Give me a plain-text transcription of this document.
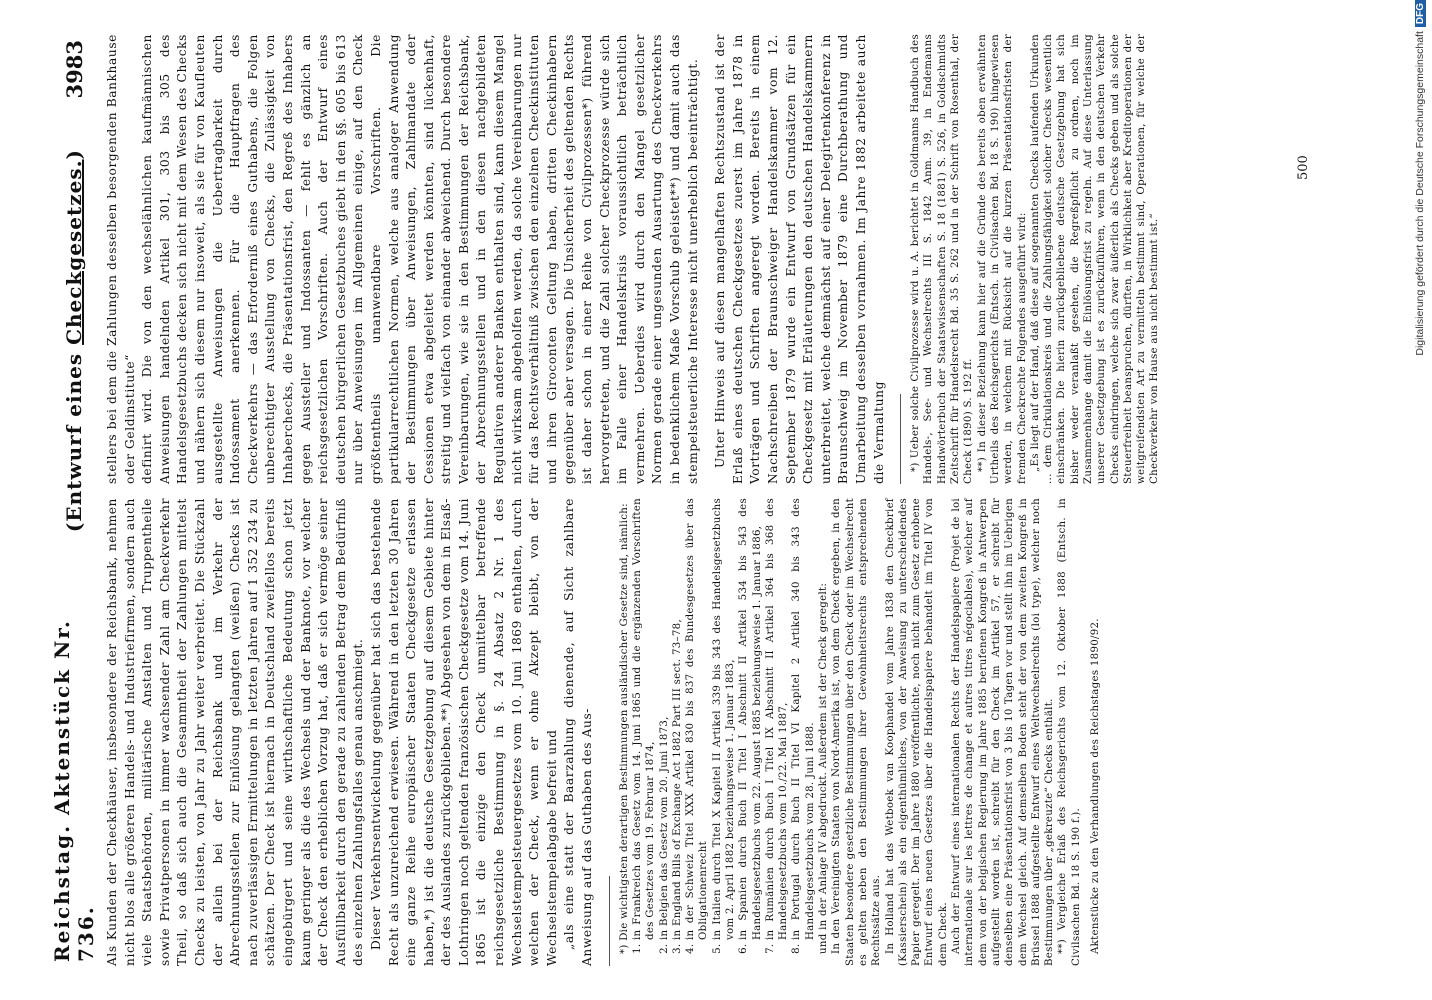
Reichstag. Aktenstück Nr. 736.
(Entwurf eines Checkgesetzes.)
3983

Als Kunden der Checkhäuser, insbesondere der Reichsbank, nehmen nicht blos alle größeren Handels- und Industriefirmen, sondern auch viele Staatsbehörden, militärische Anstalten und Truppentheile sowie Privatpersonen in immer wachsender Zahl am Checkverkehr Theil, so daß sich auch die Gesammtheit der Zahlungen mittelst Checks zu leisten, von Jahr zu Jahr weiter verbreitet. Die Stückzahl der allein bei der Reichsbank und im Verkehr der Abrechnungsstellen zur Einlösung gelangten (weißen) Checks ist nach zuverlässigen Ermittelungen in letzten Jahren auf 1 352 234 zu schätzen. Der Check ist hiernach in Deutschland zweifellos bereits eingebürgert und seine wirthschaftliche Bedeutung schon jetzt kaum geringer als die des Wechsels und der Banknote, vor welcher der Check den erheblichen Vorzug hat, daß er sich vermöge seiner Ausfüllbarkeit durch den gerade zu zahlenden Betrag dem Bedürfniß des einzelnen Zahlungsfalles genau anschmiegt. Dieser Verkehrsentwickelung gegenüber hat sich das bestehende Recht als unzureichend erwiesen. Während in den letzten 30 Jahren eine ganze Reihe europäischer Staaten Checkgesetze erlassen haben,*) ist die deutsche Gesetzgebung auf diesem Gebiete hinter der des Auslandes zurückgeblieben.**) Abgesehen von dem in Elsaß-Lothringen noch geltenden französischen Checkgesetze vom 14. Juni 1865 ist die einzige den Check unmittelbar betreffende reichsgesetzliche Bestimmung in §. 24 Absatz 2 Nr. 1 des Wechselstempelsteuergesetzes vom 10. Juni 1869 enthalten, durch welchen der Check, wenn er ohne Akzept bleibt, von der Wechselstempelabgabe befreit und „als eine statt der Baarzahlung dienende, auf Sicht zahlbare Anweisung auf das Guthaben des Aus- *) Die wichtigsten derartigen Bestimmungen ausländischer Gesetze sind, nämlich: 1. in Frankreich das Gesetz vom 14. Juni 1865 und die ergänzenden Vorschriften des Gesetzes vom 19. Februar 1874, 2. in Belgien das Gesetz vom 20. Juni 1873, 3. in England Bills of Exchange Act 1882 Part III sect. 73–78, 4. in der Schweiz Titel XXX Artikel 830 bis 837 des Bundesgesetzes über das Obligationenrecht 5. in Italien durch Titel X Kapitel II Artikel 339 bis 343 des Handelsgesetzbuchs vom 2. April 1882 beziehungsweise 1. Januar 1883, 6. in Spanien durch Buch II Titel I Abschnitt II Artikel 534 bis 543 des Handelsgesetzbuchs vom 22. August 1885 beziehungsweise 1. Januar 1886, 7. in Rumänien durch Buch I Titel IX Abschnitt II Artikel 364 bis 368 des Handelsgesetzbuchs vom 10./22. Mai 1887, 8. in Portugal durch Buch II Titel VI Kapitel 2 Artikel 340 bis 343 des Handelsgesetzbuchs vom 28. Juni 1888. und in der Anlage IV abgedruckt. Außerdem ist der Check geregelt: In den Vereinigten Staaten von Nord-Amerika ist, von dem Check ergeben, in den Staaten besondere gesetzliche Bestimmungen über den Check oder im Wechselrecht es gelten neben den Bestimmungen ihrer Gewohnheitsrechts entsprechenden Rechtssätze aus. In Holland hat das Wetboek van Koophandel vom Jahre 1838 den Checkbrief (Kassierschein) als ein eigenthümliches, von der Anweisung zu unterscheidendes Papier geregelt. Der im Jahre 1880 veröffentlichte, noch nicht zum Gesetz erhobene Entwurf eines neuen Gesetzes über die Handelspapiere behandelt im Titel IV von dem Check. Auch der Entwurf eines internationalen Rechts der Handelspapiere (Projet de loi internationale sur les lettres de change et autres titres négociables), welcher auf dem von der belgischen Regierung im Jahre 1885 berufenen Kongreß in Antwerpen aufgestellt worden ist, schreibt für den Check im Artikel 57, er schreibt für denselben eine Präsentationsfrist von 3 bis 10 Tagen vor und stellt ihn im Uebrigen dem Wechsel gleich. Auf demselben Boden steht der von dem zweiten Kongreß in Brüssel 1888 aufgestellte Entwurf eines Weltwechselrechts (loi type), welcher noch Bestimmungen über „gekreuzte“ Checks enthält. **) Vergleiche Erlaß des Reichsgerichts vom 12. Oktober 1888 (Entsch. in Civilsachen Bd. 18 S. 190 f.). Aktenstücke zu den Verhandlungen des Reichstages 1890/92.

stellers bei dem die Zahlungen desselben besorgenden Bankhause oder Geldinstitute“ definirt wird. Die von den wechselähnlichen kaufmännischen Anweisungen handelnden Artikel 301, 303 bis 305 des Handelsgesetzbuchs decken sich nicht mit dem Wesen des Checks und nähern sich diesem nur insoweit, als sie für von Kaufleuten ausgestellte Anweisungen die Uebertragbarkeit durch Indossament anerkennen. Für die Hauptfragen des Checkverkehrs — das Erforderniß eines Guthabens, die Folgen unberechtigter Ausstellung von Checks, die Zulässigkeit von Inhaberchecks, die Präsentationsfrist, den Regreß des Inhabers gegen Aussteller und Indossanten — fehlt es gänzlich an reichsgesetzlichen Vorschriften. Auch der Entwurf eines deutschen bürgerlichen Gesetzbuches giebt in den §§. 605 bis 613 nur über Anweisungen im Allgemeinen einige, auf den Check größtentheils unanwendbare Vorschriften. Die partikularrechtlichen Normen, welche aus analoger Anwendung der Bestimmungen über Anweisungen, Zahlmandate oder Cessionen etwa abgeleitet werden könnten, sind lückenhaft, streitig und vielfach von einander abweichend. Durch besondere Vereinbarungen, wie sie in den Bestimmungen der Reichsbank, der Abrechnungsstellen und in den diesen nachgebildeten Regulativen anderer Banken enthalten sind, kann diesem Mangel nicht wirksam abgeholfen werden, da solche Vereinbarungen nur für das Rechtsverhältniß zwischen den einzelnen Checkinstituten und ihren Giroconten Geltung haben, dritten Checkinhabern gegenüber aber versagen. Die Unsicherheit des geltenden Rechts ist daher schon in einer Reihe von Civilprozessen*) führend hervorgetreten, und die Zahl solcher Checkprozesse würde sich im Falle einer Handelskrisis voraussichtlich beträchtlich vermehren. Ueberdies wird durch den Mangel gesetzlicher Normen gerade einer ungesunden Ausartung des Checkverkehrs in bedenklichem Maße Vorschub geleistet**) und damit auch das stempelsteuerliche Interesse nicht unerheblich beeinträchtigt. Unter Hinweis auf diesen mangelhaften Rechtszustand ist der Erlaß eines deutschen Checkgesetzes zuerst im Jahre 1878 in Vorträgen und Schriften angeregt worden. Bereits in einem Nachschreiben der Braunschweiger Handelskammer vom 12. September 1879 wurde ein Entwurf von Grundsätzen für ein Checkgesetz mit Erläuterungen den deutschen Handelskammern unterbreitet, welche demnächst auf einer Delegirtenkonferenz in Braunschweig im November 1879 eine Durchberathung und Umarbeitung desselben vornahmen. Im Jahre 1882 arbeitete auch die Vermaltung *) Ueber solche Civilprozesse wird u. A. berichtet in Goldmanns Handbuch des Handels-, See- und Wechselrechts III S. 1842 Anm. 39, in Endemanns Handwörterbuch der Staatswissenschaften S. 18 (1881) S. 526, in Goldschmidts Zeitschrift für Handelsrecht Bd. 35 S. 262 und in der Schrift von Rosenthal, der Check (1890) S. 192 ff. **) In dieser Beziehung kann hier auf die Gründe des bereits oben erwähnten Urtheils des Reichsgerichts (Entsch. in Civilsachen Bd. 18 S. 190) hingewiesen werden, in welchem mit Rücksicht auf die kurzen Präsentationsfristen der fremden Checkrechte Folgendes ausgeführt wird: „Es liegt auf der Hand, daß diese auf sogenannten Checks laufenden Urkunden ... dem Cirkulationskreis und die Zahlungsfähigkeit solcher Checks wesentlich einschränken. Die hierin zurückgebliebene deutsche Gesetzgebung hat sich bisher weder veranlaßt gesehen, die Regreßpflicht zu ordnen, noch im Zusammenhange damit die Einlösungsfrist zu regeln. Auf diese Unterlassung unserer Gesetzgebung ist es zurückzuführen, wenn in den deutschen Verkehr Checks eindringen, welche sich zwar äußerlich als Checks geben und als solche Steuerfreiheit beanspruchen, dürften, in Wirklichkeit aber Kreditoperationen der weitgreifendsten Art zu vermitteln bestimmt sind, Operationen, für welche der Checkverkehr von Hause aus nicht bestimmt ist.“

500	Digitalisierung gefördert durch die Deutsche ForschungsgemeinschaftDFG
